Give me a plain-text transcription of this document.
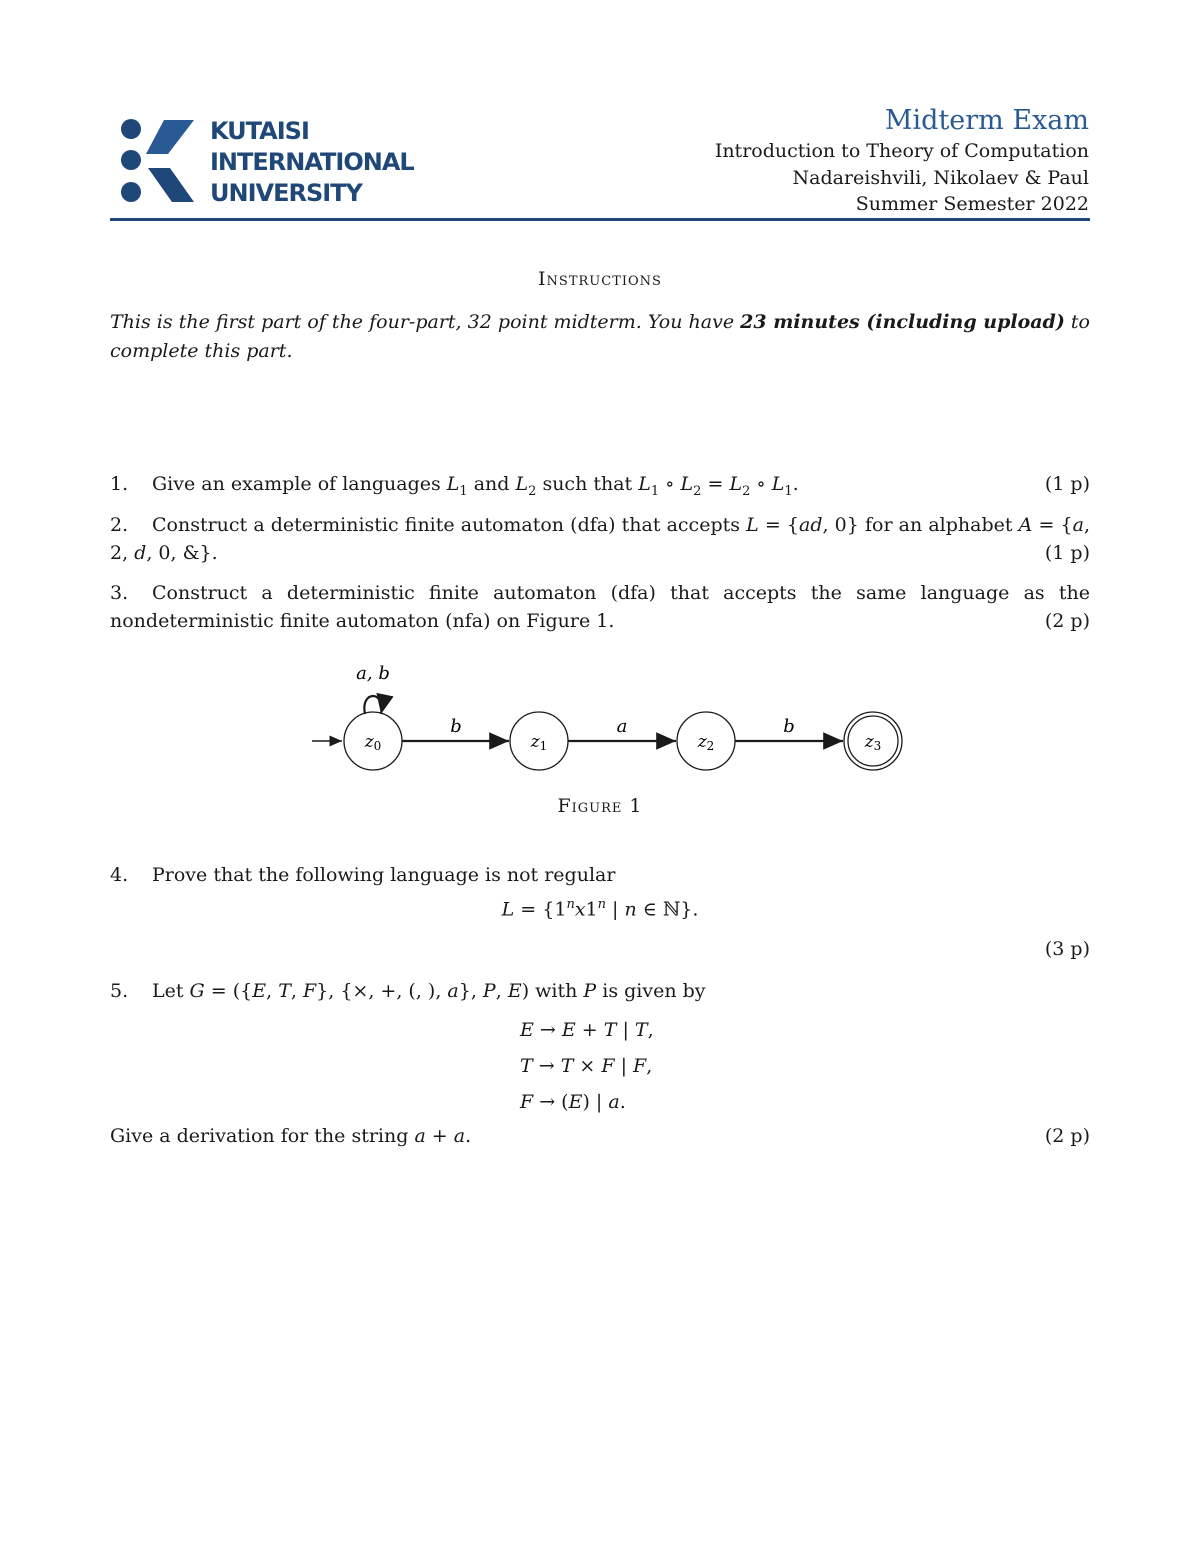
KUTAISI
INTERNATIONAL
UNIVERSITY
Midterm Exam
Introduction to Theory of Computation
Nadareishvili, Nikolaev & Paul
Summer Semester 2022
Instructions
This is the first part of the four-part, 32 point midterm. You have 23 minutes (including upload) to complete this part.
(1 p)
1. Give an example of languages $L_1$ and $L_2$ such that $L_1$ ∘ $L_2 = L_2$ ∘ $L_1$.
2. Construct a deterministic finite automaton (dfa) that accepts L = {ad, 0} for an alphabet A = {a, 2, d, 0, &}.	(1 p)
3. Construct a deterministic finite automaton (dfa) that accepts the same language as the nondeterministic finite automaton (nfa) on Figure 1.	(2 p)
a, b
z0	z1	z2	z3
b	a	b
Figure 1
4. Prove that the following language is not regular
$L = \{1^nx1^n$ | n ∈ ℕ}.
(3 p)
5. Let G = ({E, T, F}, {×, +, (, ), a}, P, E) with P is given by
E → E + T | T,
T → T × F | F,
F → (E) | a.
(2 p)
Give a derivation for the string a + a.
